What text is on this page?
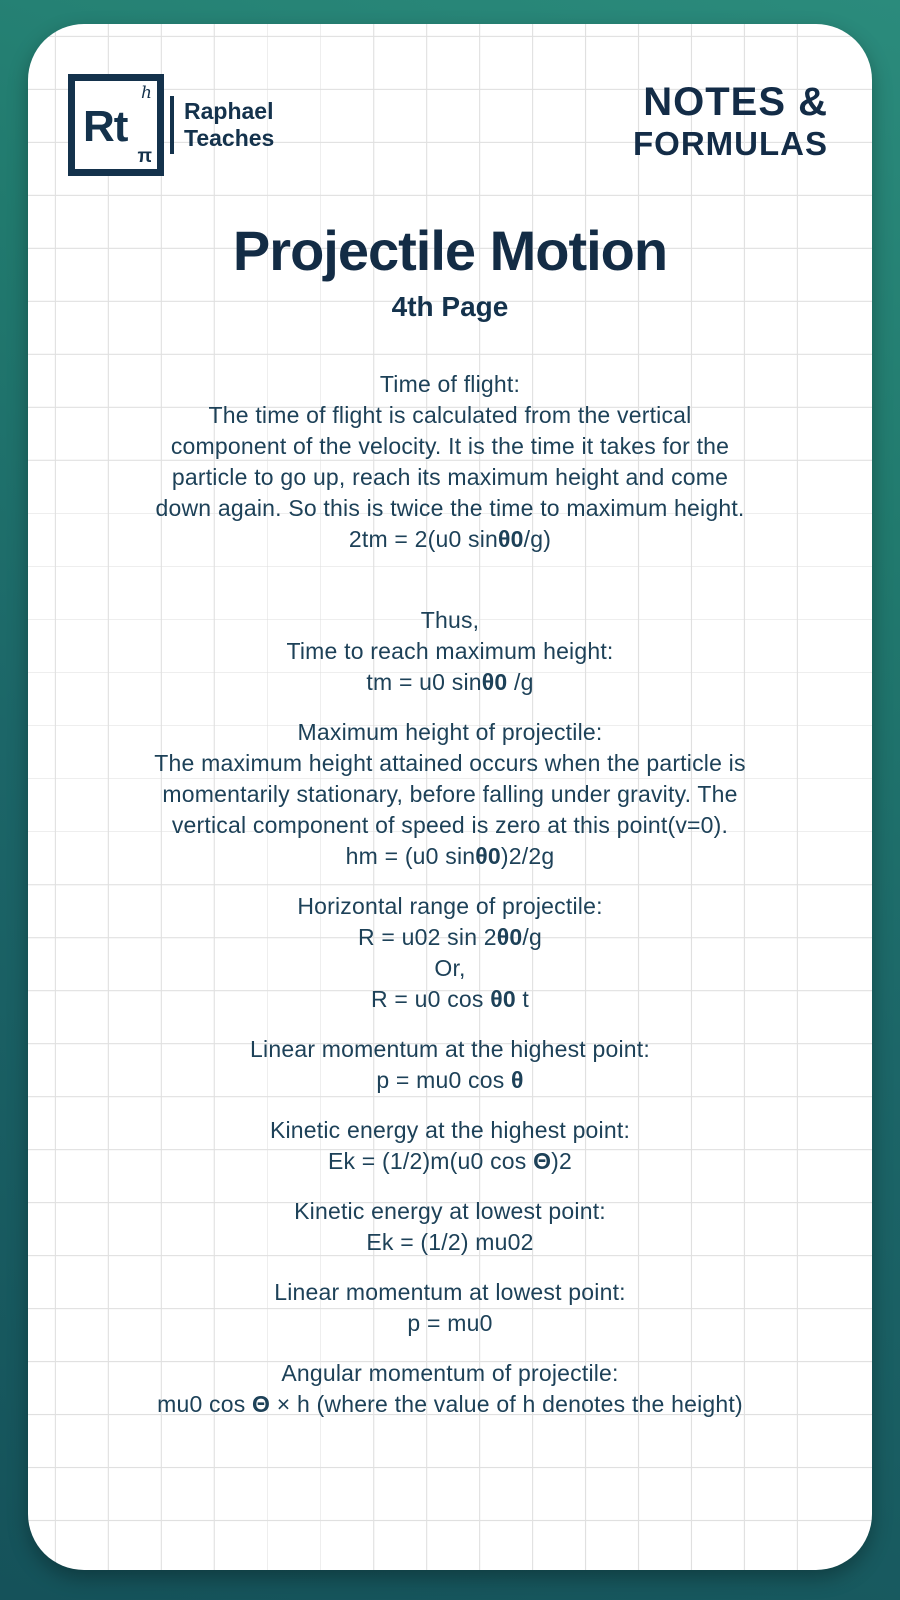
h
Rt
π
Raphael
Teaches
NOTES &
FORMULAS
Projectile Motion
4th Page
Time of flight:
The time of flight is calculated from the vertical
component of the velocity. It is the time it takes for the
particle to go up, reach its maximum height and come
down again. So this is twice the time to maximum height.
2tm = 2(u0 sinθ0/g)

Thus,
Time to reach maximum height:
tm = u0 sinθ0 /g
Maximum height of projectile:
The maximum height attained occurs when the particle is
momentarily stationary, before falling under gravity. The
vertical component of speed is zero at this point(v=0).
hm = (u0 sinθ0)2/2g
Horizontal range of projectile:
R = u02 sin 2θ0/g
Or,
R = u0 cos θ0 t
Linear momentum at the highest point:
p = mu0 cos θ
Kinetic energy at the highest point:
Ek = (1/2)m(u0 cos Θ)2
Kinetic energy at lowest point:
Ek = (1/2) mu02
Linear momentum at lowest point:
p = mu0
Angular momentum of projectile:
mu0 cos Θ × h (where the value of h denotes the height)
